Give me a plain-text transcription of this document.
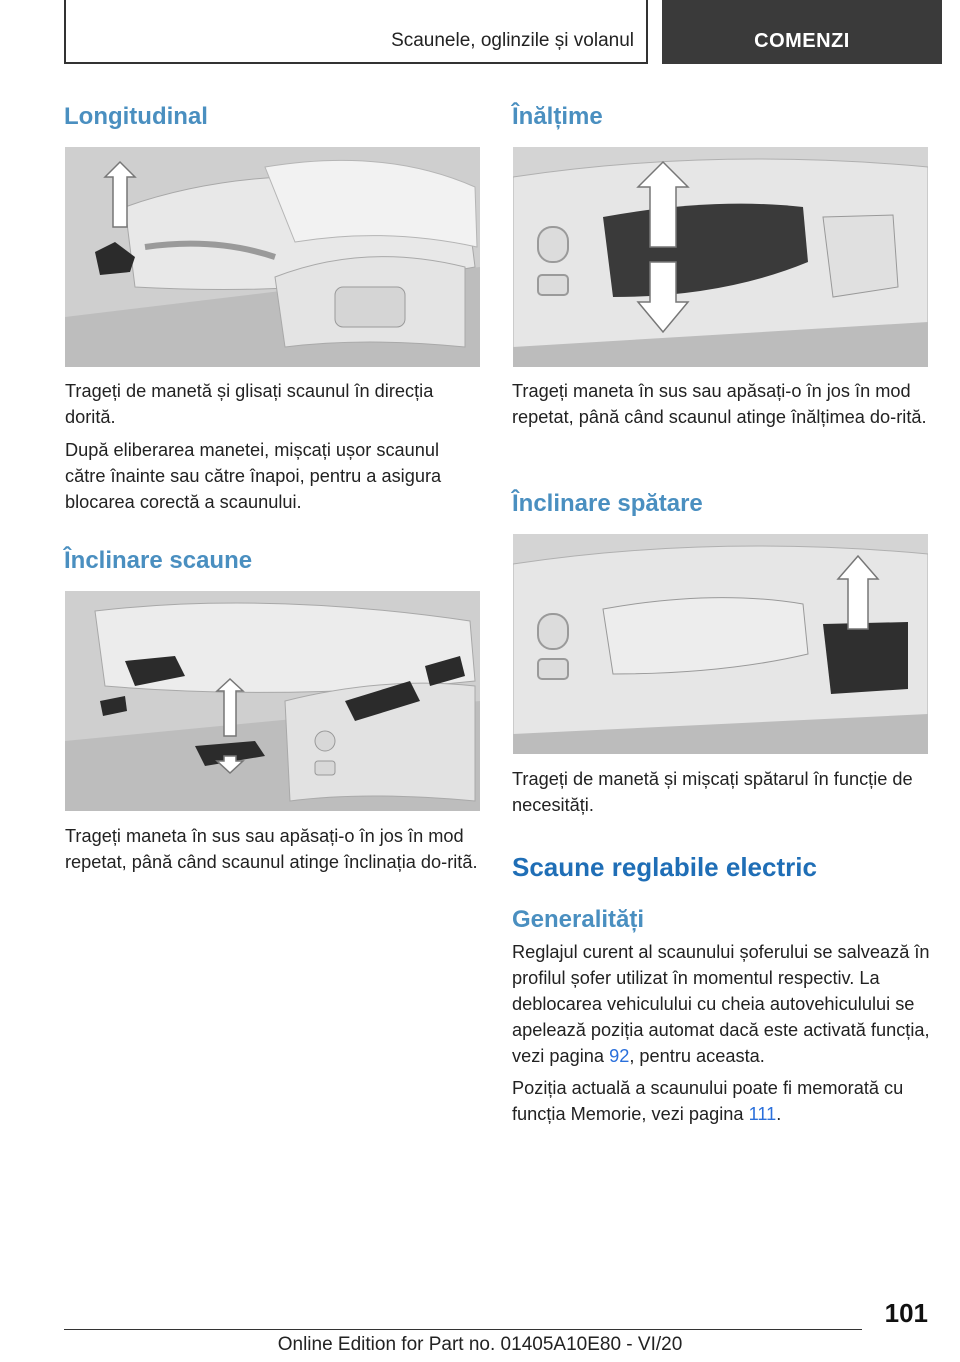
Scaunele, oglinzile și volanul	COMENZI
Longitudinal

Trageți de manetă și glisați scaunul în direcția dorită.

După eliberarea manetei, mișcați ușor scaunul către înainte sau către înapoi, pentru a asigura blocarea corectă a scaunului.

Înclinare scaune

Trageți maneta în sus sau apăsați-o în jos în mod repetat, până când scaunul atinge înclinația do-ritã.

Înălțime

Trageți maneta în sus sau apăsați-o în jos în mod repetat, până când scaunul atinge înălțimea do-rită.

Înclinare spătare

Trageți de manetă și mișcați spătarul în funcție de necesități.

Scaune reglabile electric
Generalități

Reglajul curent al scaunului șoferului se salvează în profilul șofer utilizat în momentul respectiv. La deblocarea vehiculului cu cheia autovehiculului se apelează poziția automat dacă este activată funcția, vezi pagina 92, pentru aceasta.

Poziția actuală a scaunului poate fi memorată cu funcția Memorie, vezi pagina 111.

101
Online Edition for Part no. 01405A10E80 - VI/20
